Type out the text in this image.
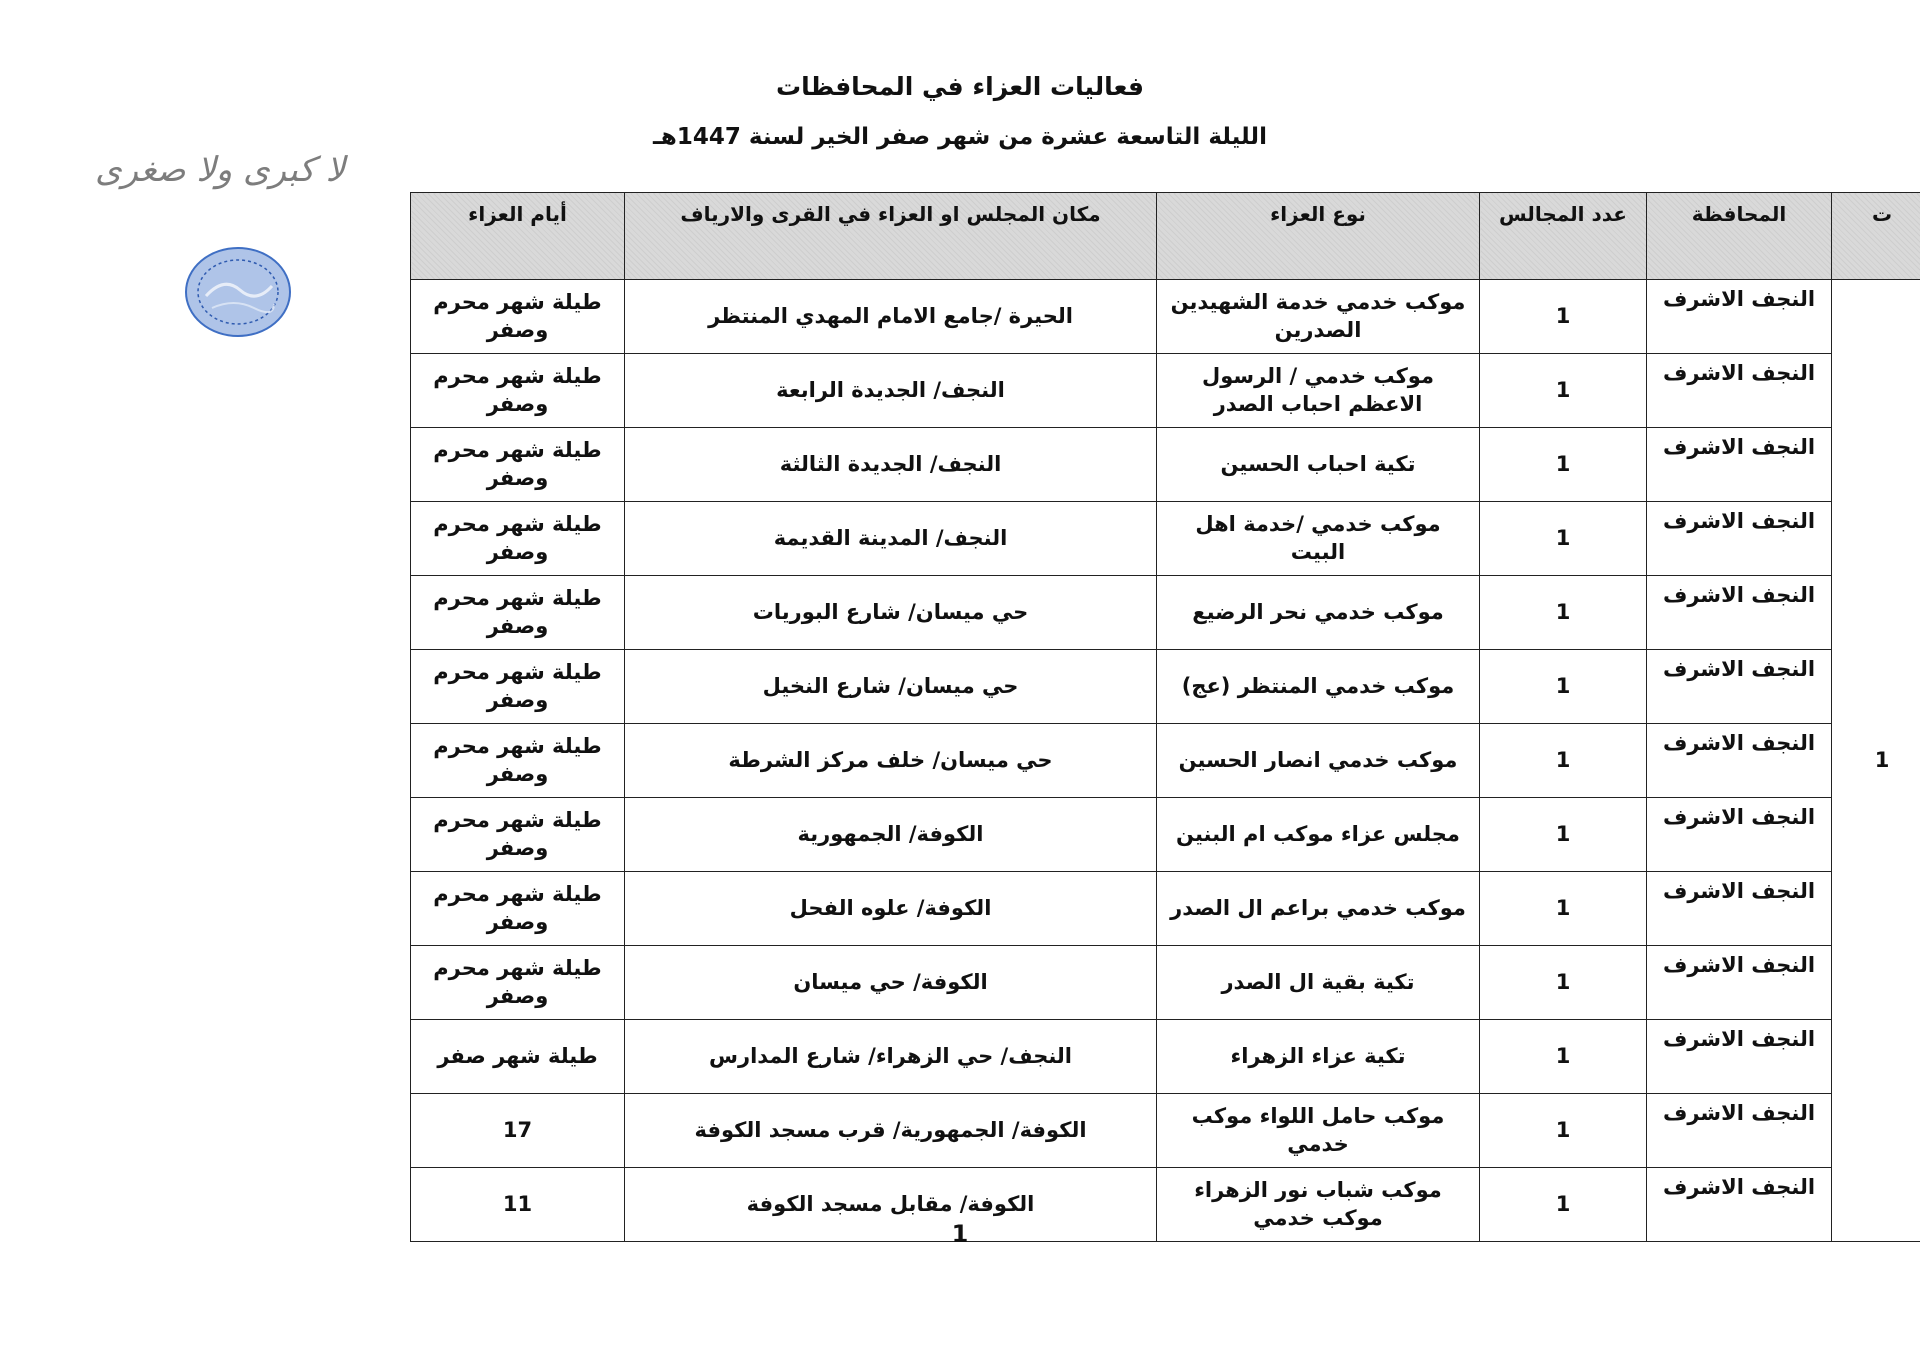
فعاليات العزاء في المحافظات
الليلة التاسعة عشرة من شهر صفر الخير لسنة 1447هـ
لا كبرى ولا صغرى
ت	المحافظة	عدد المجالس	نوع العزاء	مكان المجلس او العزاء في القرى والارياف	أيام العزاء
1	النجف الاشرف	1	موكب خدمي خدمة الشهيدين الصدرين	الحيرة /جامع الامام المهدي المنتظر	طيلة شهر محرم وصفر
	النجف الاشرف	1	موكب خدمي / الرسول الاعظم احباب الصدر	النجف/ الجديدة الرابعة	طيلة شهر محرم وصفر
	النجف الاشرف	1	تكية احباب الحسين	النجف/ الجديدة الثالثة	طيلة شهر محرم وصفر
	النجف الاشرف	1	موكب خدمي /خدمة اهل البيت	النجف/ المدينة القديمة	طيلة شهر محرم وصفر
	النجف الاشرف	1	موكب خدمي نحر الرضيع	حي ميسان/ شارع البوريات	طيلة شهر محرم وصفر
	النجف الاشرف	1	موكب خدمي المنتظر (عج)	حي ميسان/ شارع النخيل	طيلة شهر محرم وصفر
	النجف الاشرف	1	موكب خدمي انصار الحسين	حي ميسان/ خلف مركز الشرطة	طيلة شهر محرم وصفر
	النجف الاشرف	1	مجلس عزاء موكب ام البنين	الكوفة/ الجمهورية	طيلة شهر محرم وصفر
	النجف الاشرف	1	موكب خدمي براعم ال الصدر	الكوفة/ علوه الفحل	طيلة شهر محرم وصفر
	النجف الاشرف	1	تكية بقية ال الصدر	الكوفة/ حي ميسان	طيلة شهر محرم وصفر
	النجف الاشرف	1	تكية عزاء الزهراء	النجف/ حي الزهراء/ شارع المدارس	طيلة شهر صفر
	النجف الاشرف	1	موكب حامل اللواء موكب خدمي	الكوفة/ الجمهورية/ قرب مسجد الكوفة	17
	النجف الاشرف	1	موكب شباب نور الزهراء موكب خدمي	الكوفة/ مقابل مسجد الكوفة	11
1
